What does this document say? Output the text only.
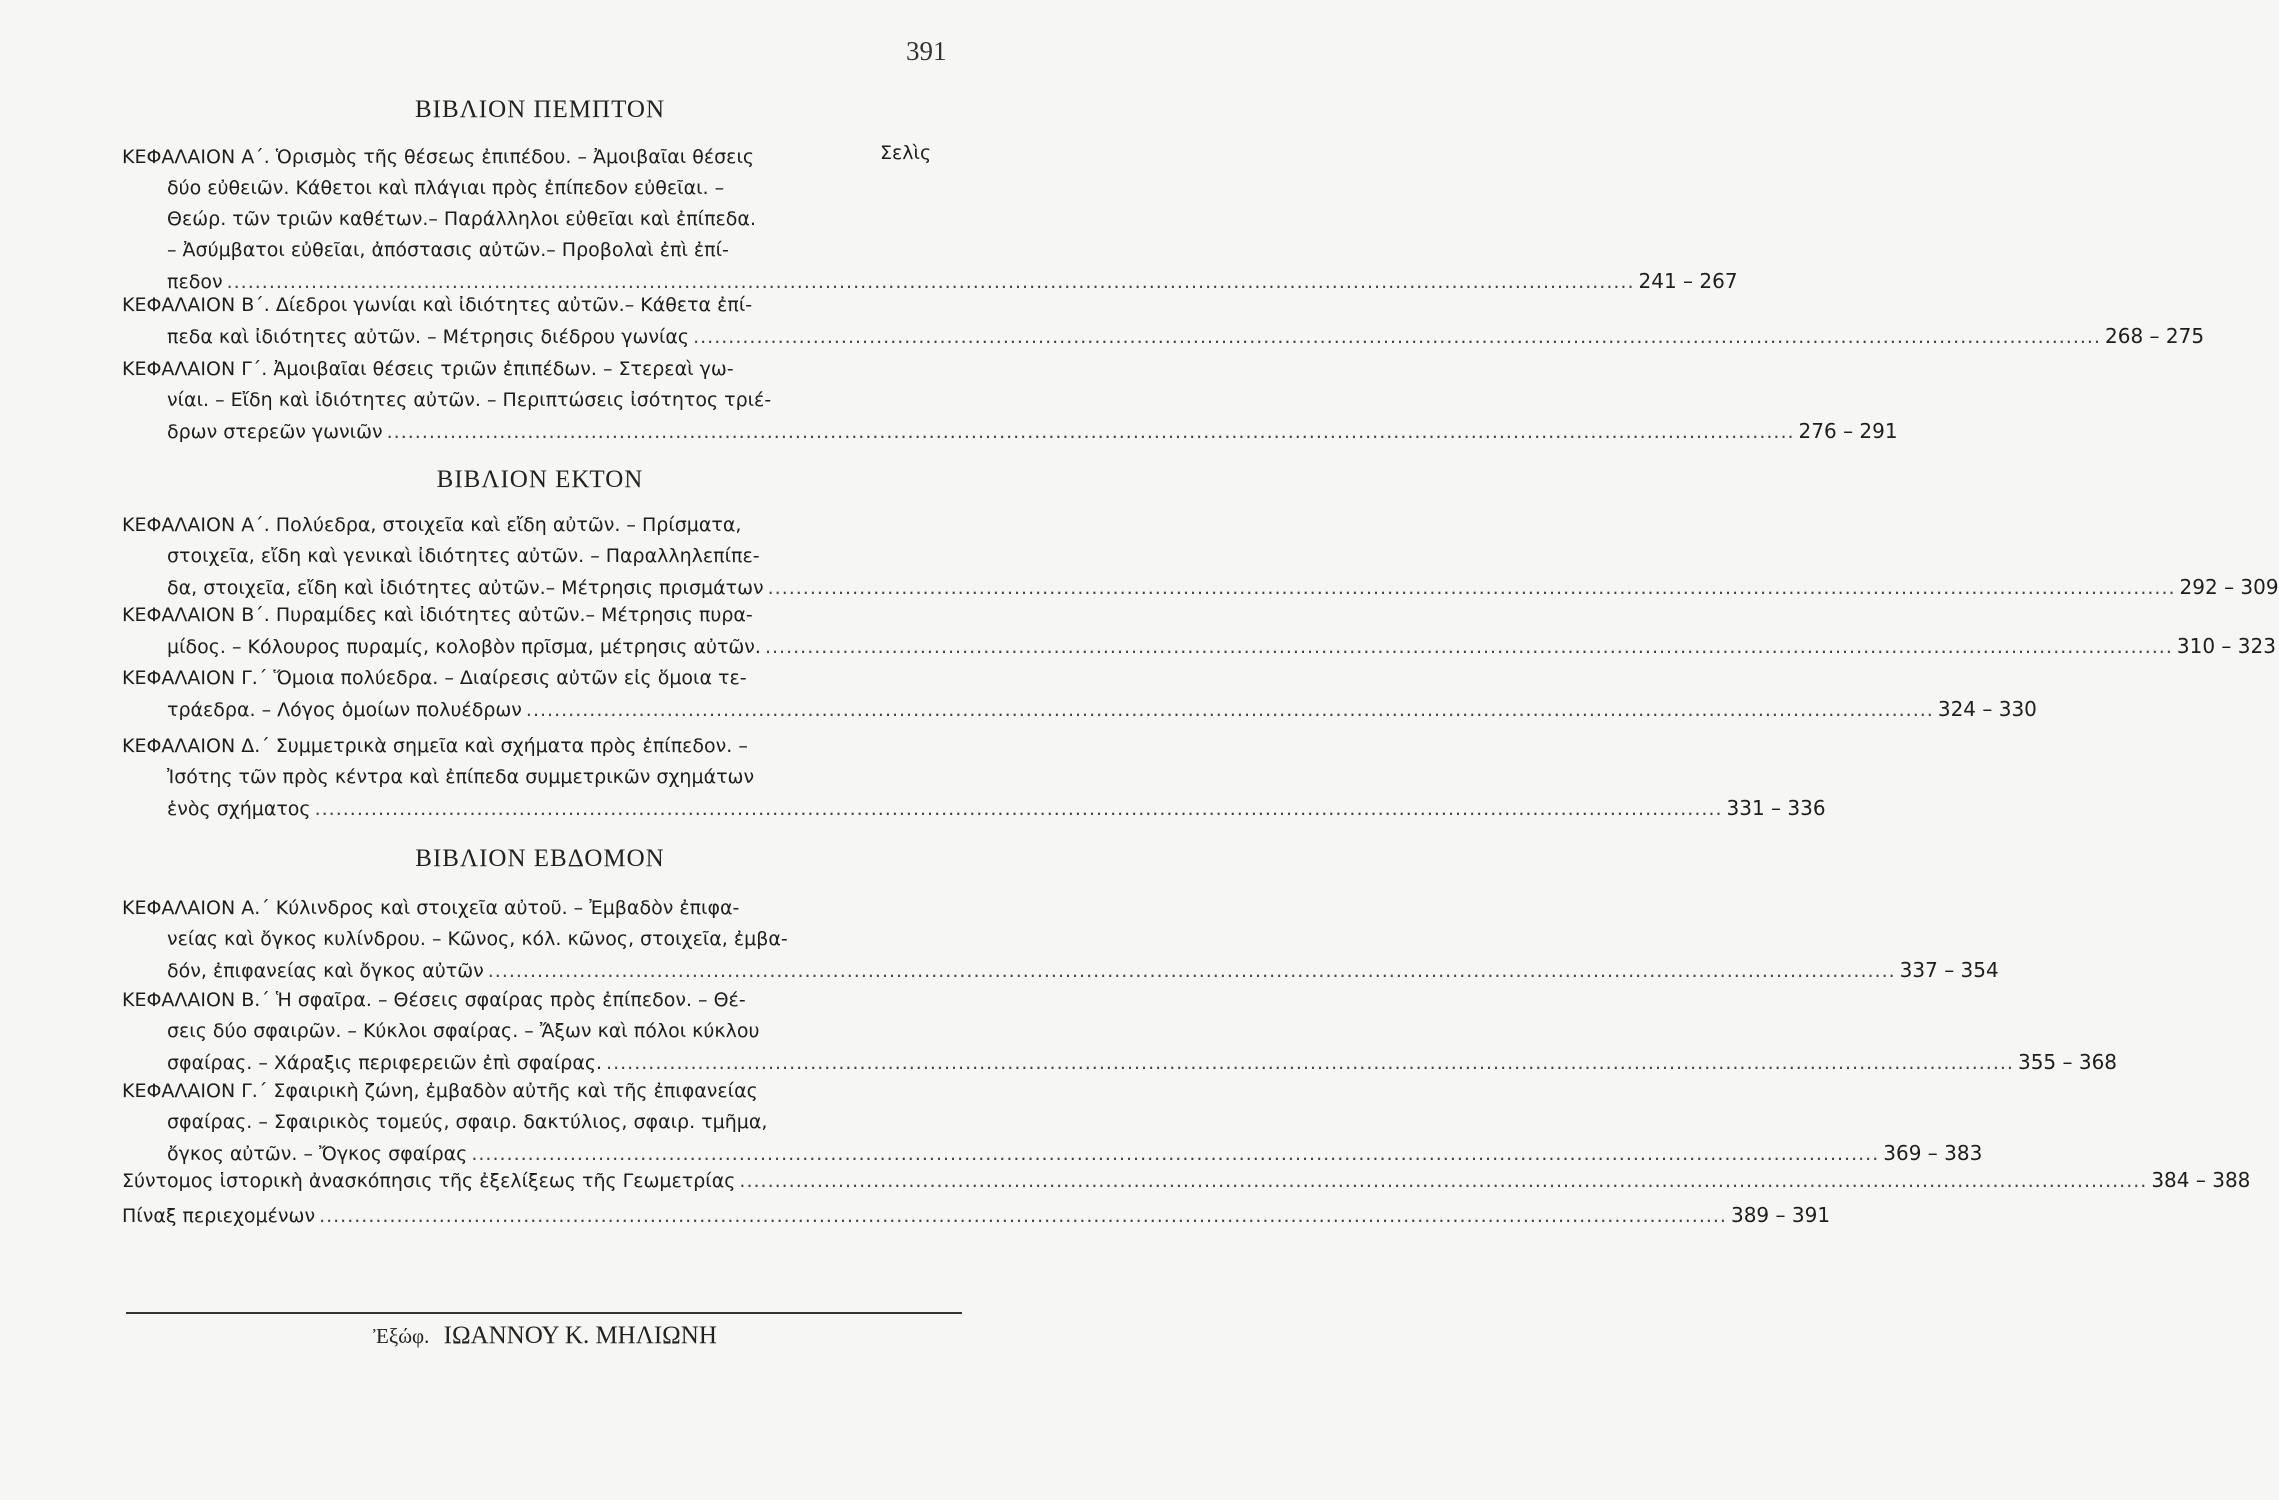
391
ΒΙΒΛΙΟΝ ΠΕΜΠΤΟΝ
Σελὶς
ΚΕΦΑΛΑΙΟΝ Α΄. Ὁρισμὸς τῆς θέσεως ἐπιπέδου. – Ἀμοιβαῖαι θέσεις
δύο εὐθειῶν. Κάθετοι καὶ πλάγιαι πρὸς ἐπίπεδον εὐθεῖαι. –
Θεώρ. τῶν τριῶν καθέτων.– Παράλληλοι εὐθεῖαι καὶ ἐπίπεδα.
– Ἀσύμβατοι εὐθεῖαι, ἀπόστασις αὐτῶν.– Προβολαὶ ἐπὶ ἐπί-
πεδον ........................................................................................................................................................................................................ 241 – 267
ΚΕΦΑΛΑΙΟΝ Β΄. Δίεδροι γωνίαι καὶ ἰδιότητες αὐτῶν.– Κάθετα ἐπί-
πεδα καὶ ἰδιότητες αὐτῶν. – Μέτρησις διέδρου γωνίας ........................................................................................................................................................................................................ 268 – 275
ΚΕΦΑΛΑΙΟΝ Γ΄. Ἀμοιβαῖαι θέσεις τριῶν ἐπιπέδων. – Στερεαὶ γω-
νίαι. – Εἴδη καὶ ἰδιότητες αὐτῶν. – Περιπτώσεις ἰσότητος τριέ-
δρων στερεῶν γωνιῶν ........................................................................................................................................................................................................ 276 – 291
ΒΙΒΛΙΟΝ ΕΚΤΟΝ
ΚΕΦΑΛΑΙΟΝ Α΄. Πολύεδρα, στοιχεῖα καὶ εἴδη αὐτῶν. – Πρίσματα,
στοιχεῖα, εἴδη καὶ γενικαὶ ἰδιότητες αὐτῶν. – Παραλληλεπίπε-
δα, στοιχεῖα, εἴδη καὶ ἰδιότητες αὐτῶν.– Μέτρησις πρισμάτων ........................................................................................................................................................................................................ 292 – 309
ΚΕΦΑΛΑΙΟΝ Β΄. Πυραμίδες καὶ ἰδιότητες αὐτῶν.– Μέτρησις πυρα-
μίδος. – Κόλουρος πυραμίς, κολοβὸν πρῖσμα, μέτρησις αὐτῶν. ........................................................................................................................................................................................................ 310 – 323
ΚΕΦΑΛΑΙΟΝ Γ.΄ Ὅμοια πολύεδρα. – Διαίρεσις αὐτῶν εἰς ὅμοια τε-
τράεδρα. – Λόγος ὁμοίων πολυέδρων ........................................................................................................................................................................................................ 324 – 330
ΚΕΦΑΛΑΙΟΝ Δ.΄ Συμμετρικὰ σημεῖα καὶ σχήματα πρὸς ἐπίπεδον. –
Ἰσότης τῶν πρὸς κέντρα καὶ ἐπίπεδα συμμετρικῶν σχημάτων
ἑνὸς σχήματος ........................................................................................................................................................................................................ 331 – 336
ΒΙΒΛΙΟΝ ΕΒΔΟΜΟΝ
ΚΕΦΑΛΑΙΟΝ Α.΄ Κύλινδρος καὶ στοιχεῖα αὐτοῦ. – Ἐμβαδὸν ἐπιφα-
νείας καὶ ὄγκος κυλίνδρου. – Κῶνος, κόλ. κῶνος, στοιχεῖα, ἐμβα-
δόν, ἐπιφανείας καὶ ὄγκος αὐτῶν ........................................................................................................................................................................................................ 337 – 354
ΚΕΦΑΛΑΙΟΝ Β.΄ Ἡ σφαῖρα. – Θέσεις σφαίρας πρὸς ἐπίπεδον. – Θέ-
σεις δύο σφαιρῶν. – Κύκλοι σφαίρας. – Ἄξων καὶ πόλοι κύκλου
σφαίρας. – Χάραξις περιφερειῶν ἐπὶ σφαίρας. ........................................................................................................................................................................................................ 355 – 368
ΚΕΦΑΛΑΙΟΝ Γ.΄ Σφαιρικὴ ζώνη, ἐμβαδὸν αὐτῆς καὶ τῆς ἐπιφανείας
σφαίρας. – Σφαιρικὸς τομεύς, σφαιρ. δακτύλιος, σφαιρ. τμῆμα,
ὄγκος αὐτῶν. – Ὄγκος σφαίρας ........................................................................................................................................................................................................ 369 – 383
Σύντομος ἱστορικὴ ἀνασκόπησις τῆς ἐξελίξεως τῆς Γεωμετρίας ........................................................................................................................................................................................................ 384 – 388
Πίναξ περιεχομένων ........................................................................................................................................................................................................ 389 – 391
Ἐξώφ. ΙΩΑΝΝΟΥ Κ. ΜΗΛΙΩΝΗ
